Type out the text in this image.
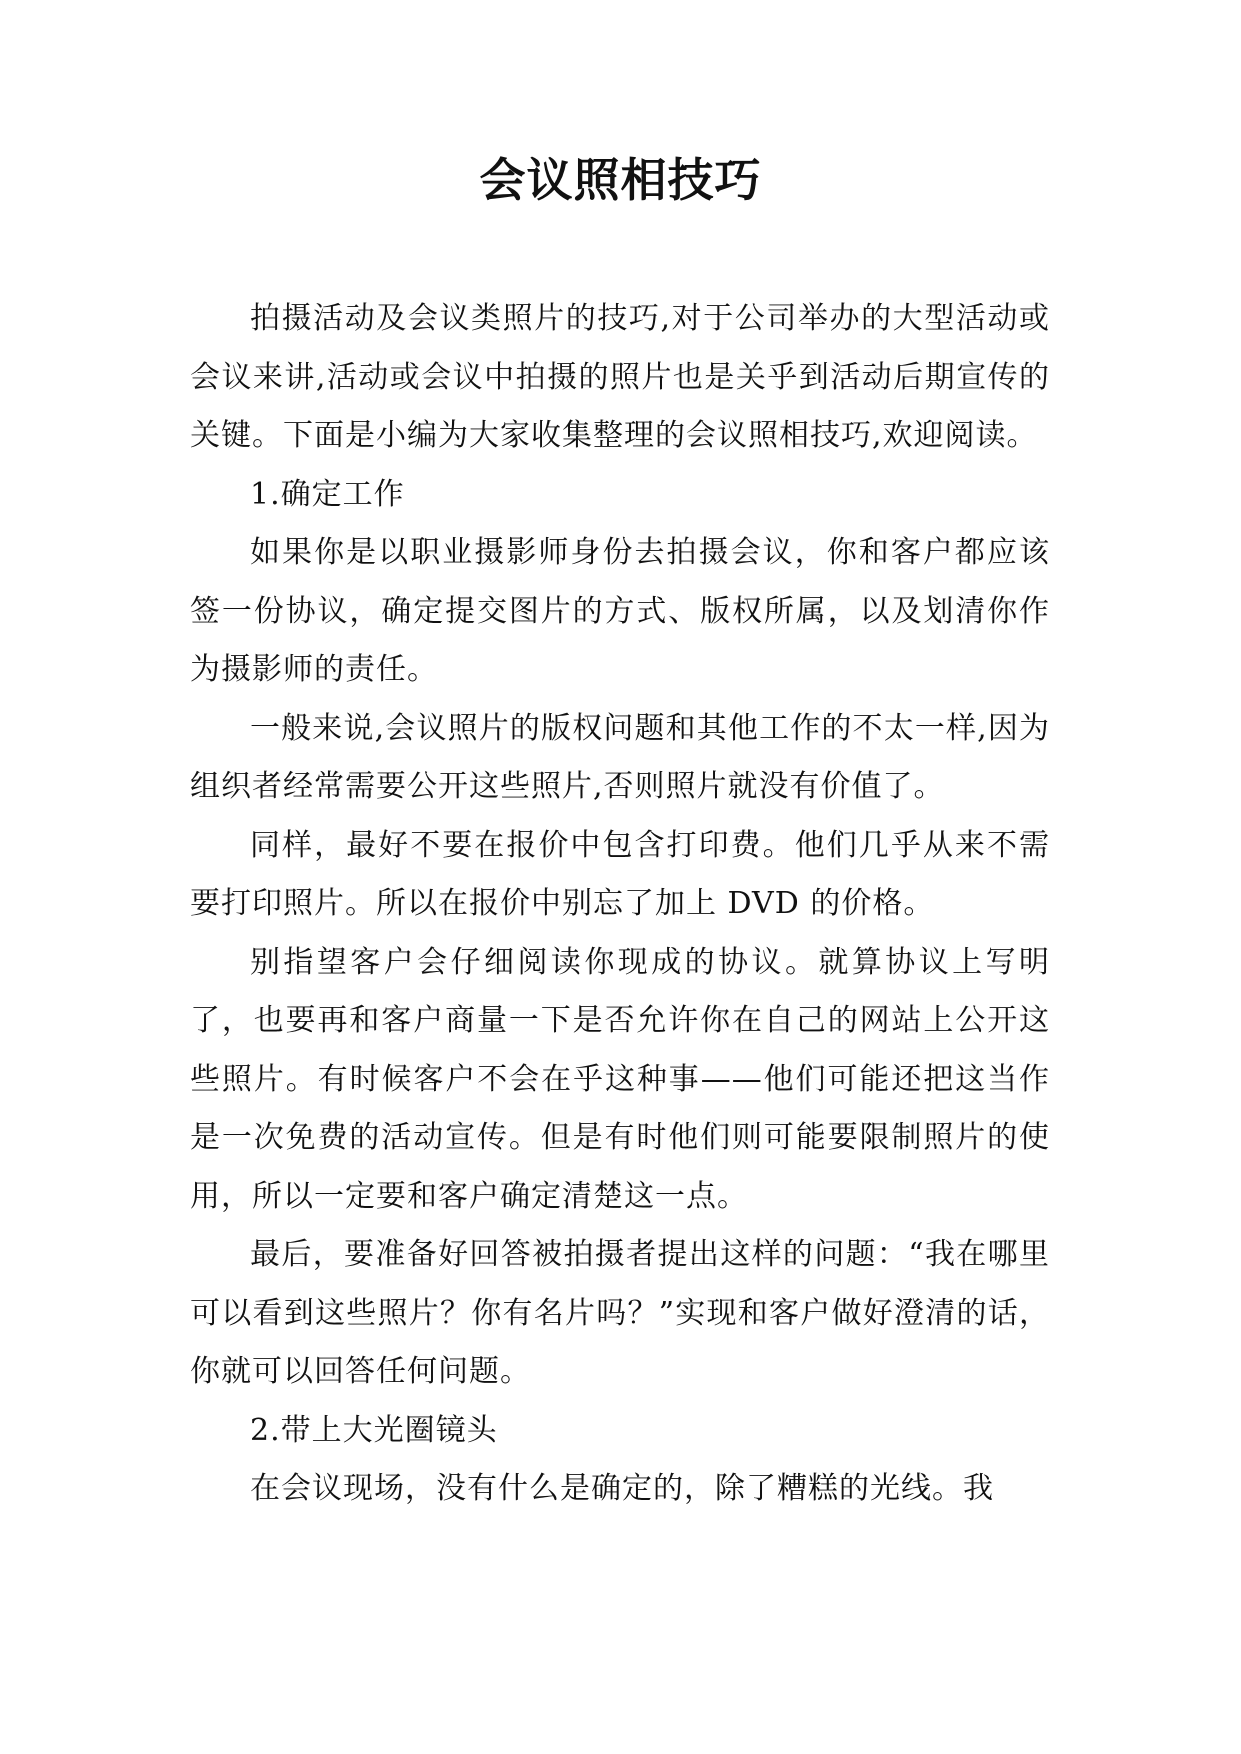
会议照相技巧

拍摄活动及会议类照片的技巧,对于公司举办的大型活动或会议来讲,活动或会议中拍摄的照片也是关乎到活动后期宣传的关键。下面是小编为大家收集整理的会议照相技巧,欢迎阅读。

1.确定工作

如果你是以职业摄影师身份去拍摄会议，你和客户都应该签一份协议，确定提交图片的方式、版权所属，以及划清你作为摄影师的责任。

一般来说,会议照片的版权问题和其他工作的不太一样,因为组织者经常需要公开这些照片,否则照片就没有价值了。

同样，最好不要在报价中包含打印费。他们几乎从来不需要打印照片。所以在报价中别忘了加上 DVD 的价格。

别指望客户会仔细阅读你现成的协议。就算协议上写明了，也要再和客户商量一下是否允许你在自己的网站上公开这些照片。有时候客户不会在乎这种事——他们可能还把这当作是一次免费的活动宣传。但是有时他们则可能要限制照片的使用，所以一定要和客户确定清楚这一点。

最后，要准备好回答被拍摄者提出这样的问题：“我在哪里可以看到这些照片？你有名片吗？”实现和客户做好澄清的话，你就可以回答任何问题。

2.带上大光圈镜头

在会议现场，没有什么是确定的，除了糟糕的光线。我
